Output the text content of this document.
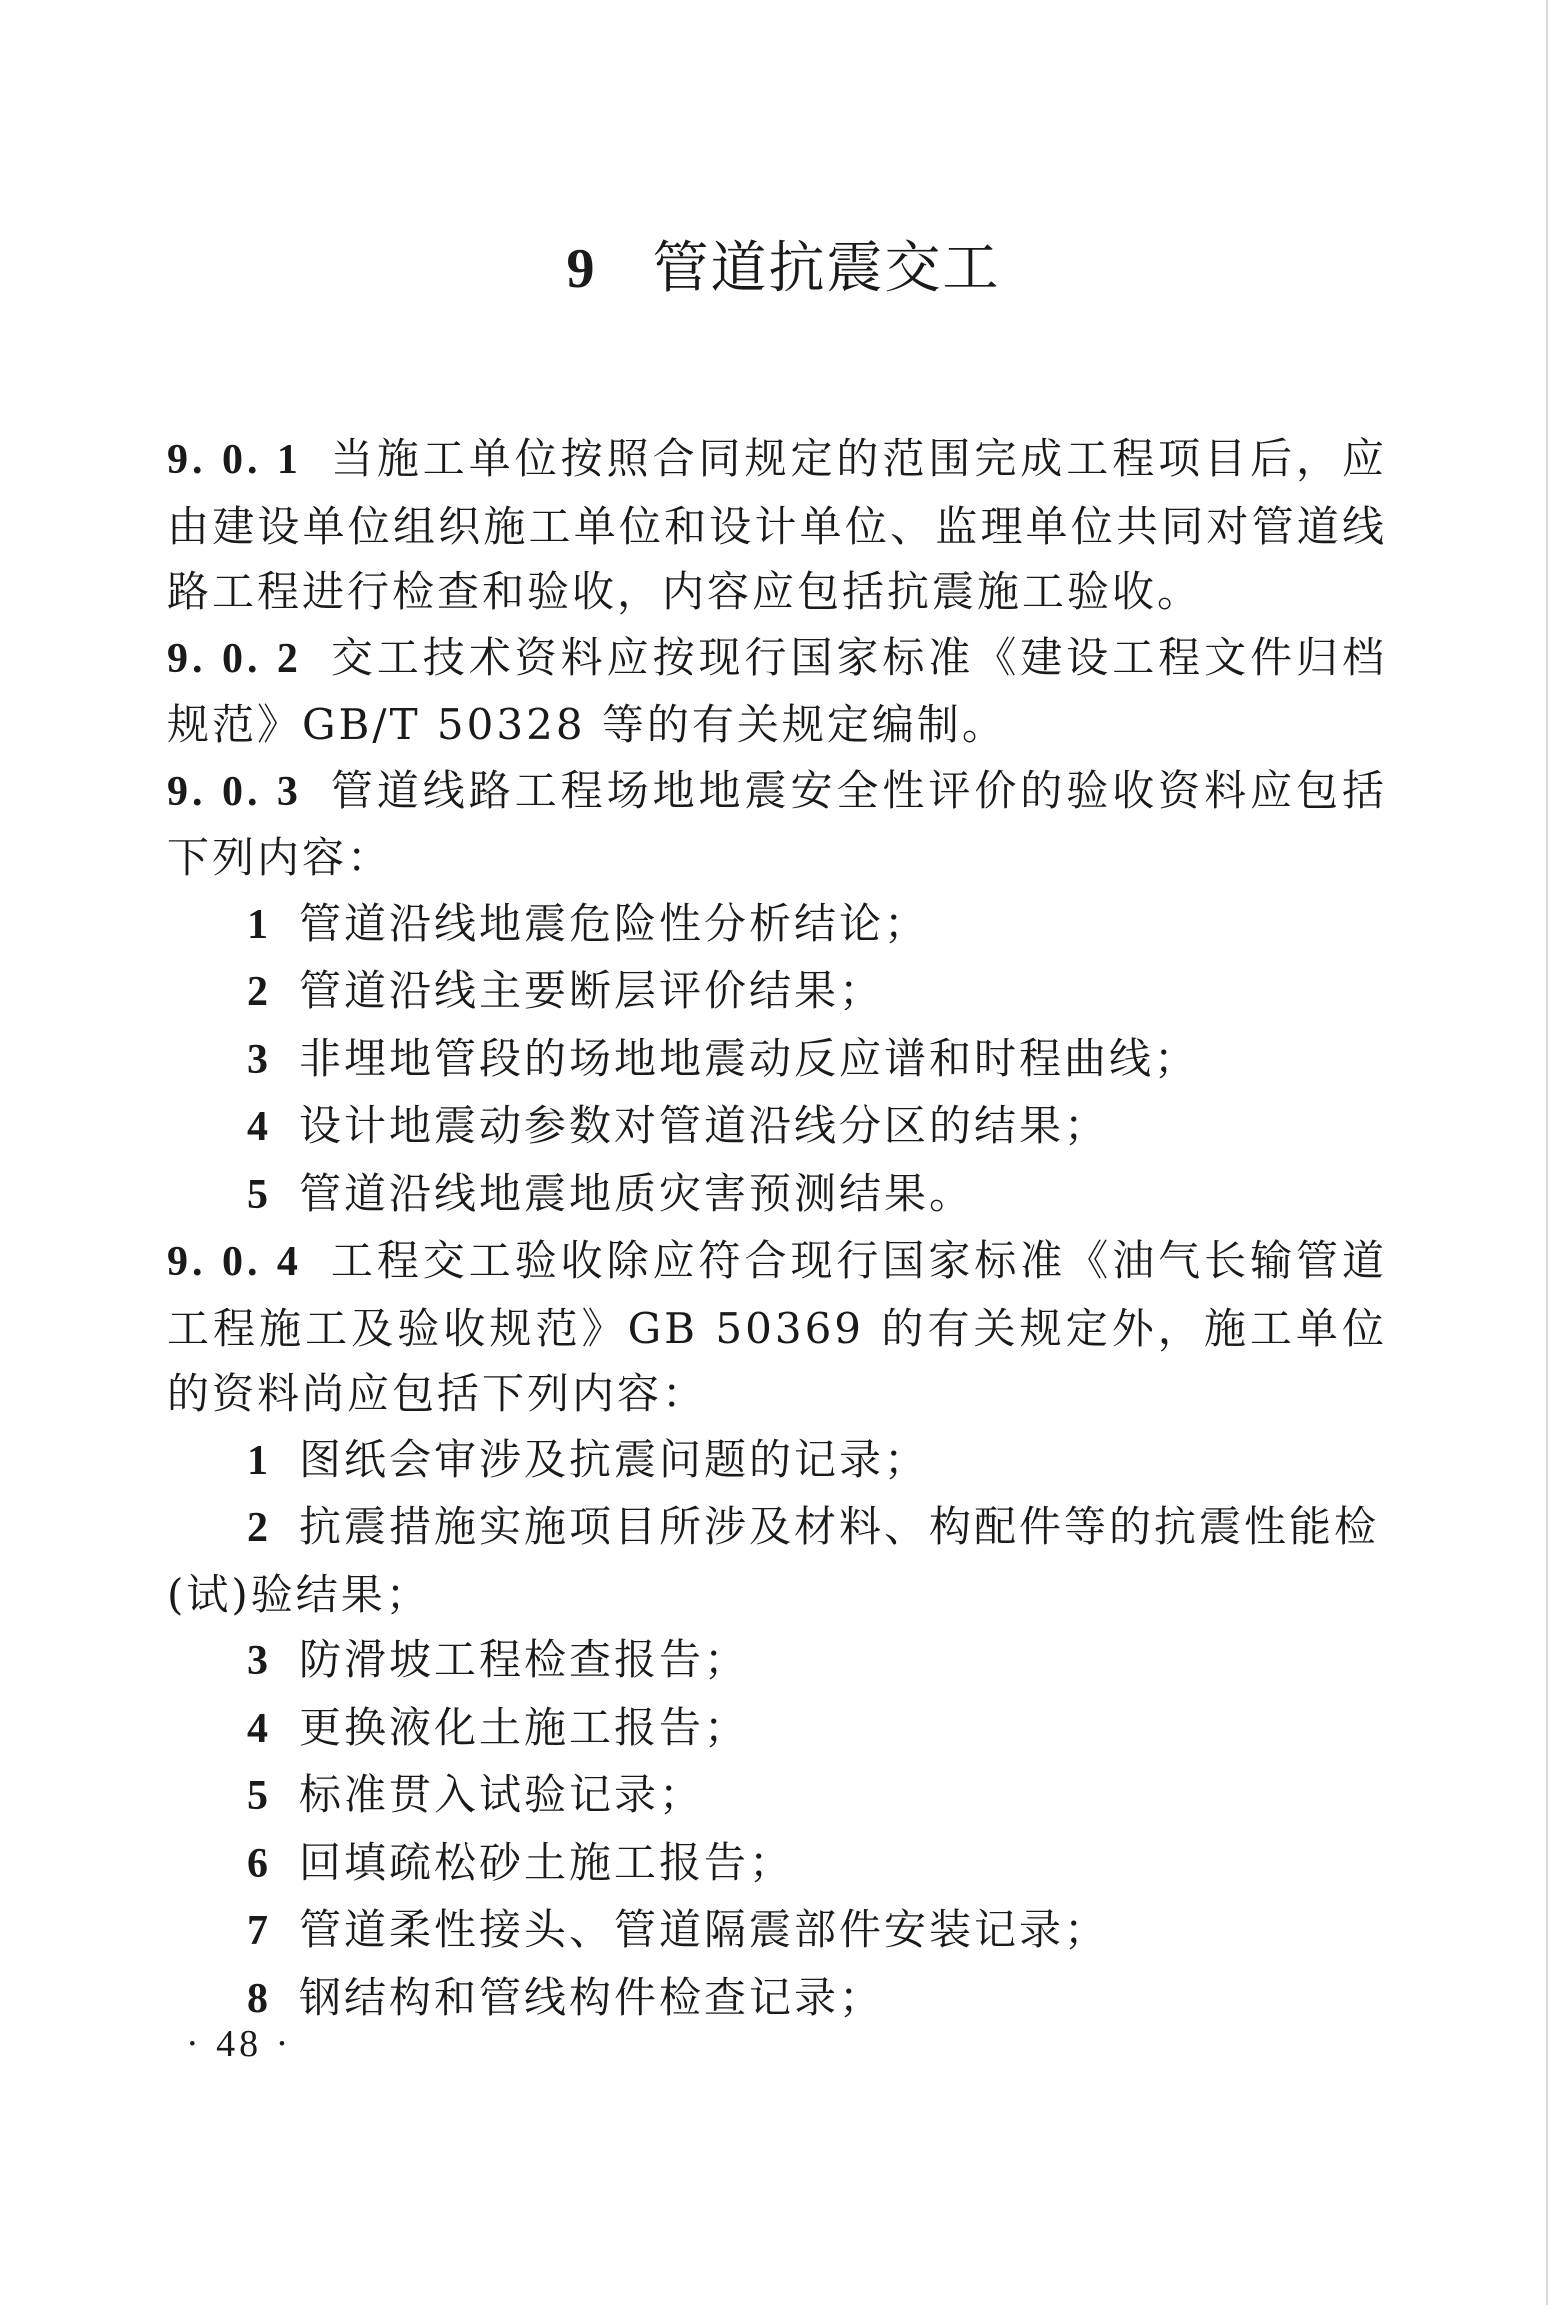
9 管道抗震交工

9. 0. 1 当施工单位按照合同规定的范围完成工程项目后，应由建设单位组织施工单位和设计单位、监理单位共同对管道线路工程进行检查和验收，内容应包括抗震施工验收。

9. 0. 2 交工技术资料应按现行国家标准《建设工程文件归档规范》GB/T 50328 等的有关规定编制。

9. 0. 3 管道线路工程场地地震安全性评价的验收资料应包括下列内容：

1 管道沿线地震危险性分析结论；

2 管道沿线主要断层评价结果；

3 非埋地管段的场地地震动反应谱和时程曲线；

4 设计地震动参数对管道沿线分区的结果；

5 管道沿线地震地质灾害预测结果。

9. 0. 4 工程交工验收除应符合现行国家标准《油气长输管道工程施工及验收规范》GB 50369 的有关规定外，施工单位的资料尚应包括下列内容：

1 图纸会审涉及抗震问题的记录；

2 抗震措施实施项目所涉及材料、构配件等的抗震性能检

(试)验结果；

3 防滑坡工程检查报告；

4 更换液化土施工报告；

5 标准贯入试验记录；

6 回填疏松砂土施工报告；

7 管道柔性接头、管道隔震部件安装记录；

8 钢结构和管线构件检查记录；

· 48 ·
